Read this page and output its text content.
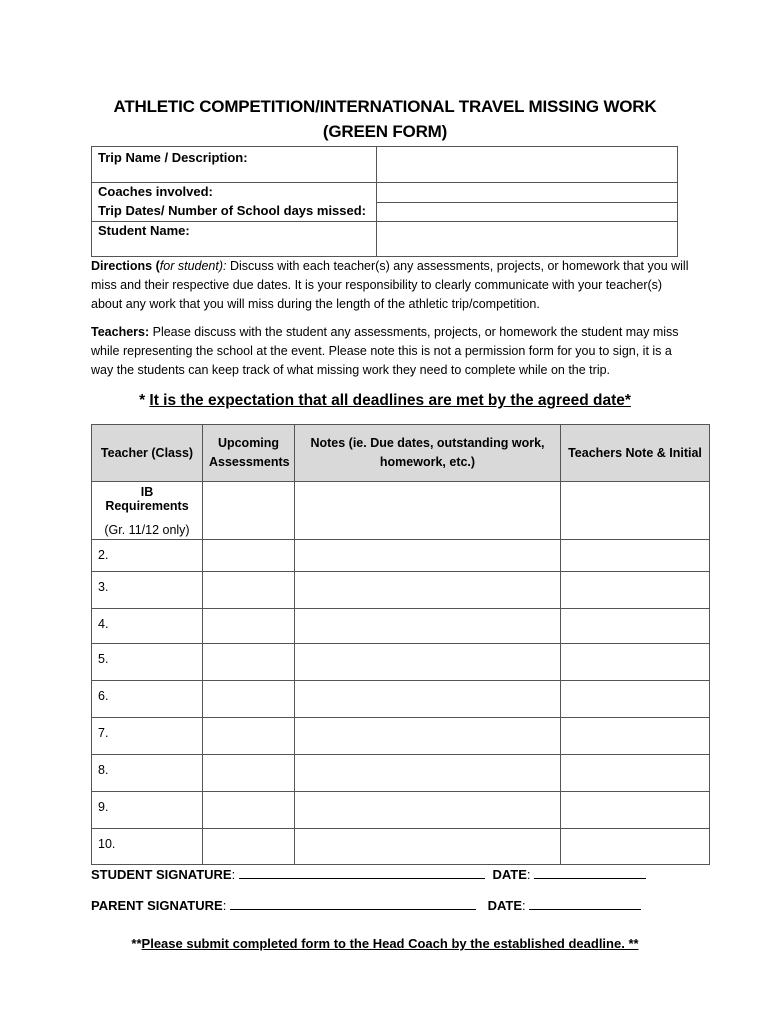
ATHLETIC COMPETITION/INTERNATIONAL TRAVEL MISSING WORK
(GREEN FORM)
Trip Name / Description:	
Coaches involved:	
Trip Dates/ Number of School days missed:	
Student Name:	
Directions (for student): Discuss with each teacher(s) any assessments, projects, or homework that you will miss and their respective due dates. It is your responsibility to clearly communicate with your teacher(s) about any work that you will miss during the length of the athletic trip/competition.
Teachers: Please discuss with the student any assessments, projects, or homework the student may miss while representing the school at the event. Please note this is not a permission form for you to sign, it is a way the students can keep track of what missing work they need to complete while on the trip.
* It is the expectation that all deadlines are met by the agreed date*
Teacher (Class)	Upcoming Assessments	Notes (ie. Due dates, outstanding work, homework, etc.)	Teachers Note & Initial

IB Requirements
(Gr. 11/12 only)			

2.			
3.			
4.			
5.			
6.			
7.			
8.			
9.			
10.			
STUDENT SIGNATURE:	DATE:
PARENT SIGNATURE:	DATE:
**Please submit completed form to the Head Coach by the established deadline. **
